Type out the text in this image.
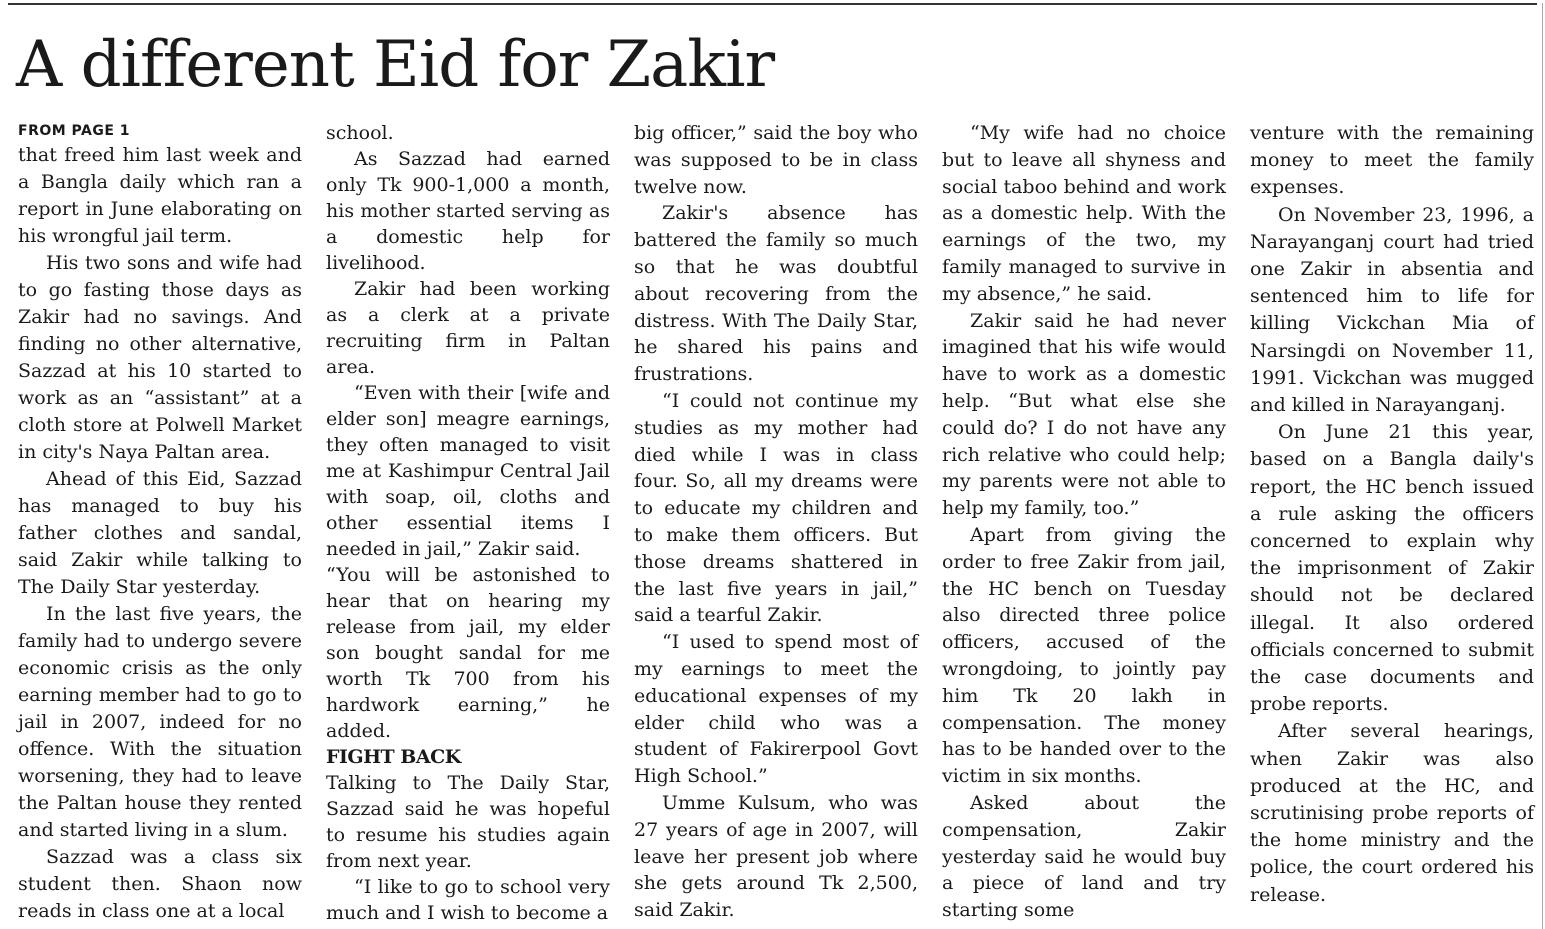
A different Eid for Zakir
FROM PAGE 1

that freed him last week and a Bangla daily which ran a report in June elaborating on his wrongful jail term.

His two sons and wife had to go fasting those days as Zakir had no savings. And finding no other alternative, Sazzad at his 10 started to work as an “assistant” at a cloth store at Polwell Market in city's Naya Paltan area.

Ahead of this Eid, Sazzad has managed to buy his father clothes and sandal, said Zakir while talking to The Daily Star yesterday.

In the last five years, the family had to undergo severe economic crisis as the only earning member had to go to jail in 2007, indeed for no offence. With the situation worsening, they had to leave the Paltan house they rented and started living in a slum.

Sazzad was a class six student then. Shaon now reads in class one at a local

school.

As Sazzad had earned only Tk 900-1,000 a month, his mother started serving as a domestic help for livelihood.

Zakir had been working as a clerk at a private recruiting firm in Paltan area.

“Even with their [wife and elder son] meagre earnings, they often managed to visit me at Kashimpur Central Jail with soap, oil, cloths and other essential items I needed in jail,” Zakir said.

“You will be astonished to hear that on hearing my release from jail, my elder son bought sandal for me worth Tk 700 from his hardwork earning,” he added.

FIGHT BACK

Talking to The Daily Star, Sazzad said he was hopeful to resume his studies again from next year.

“I like to go to school very much and I wish to become a

big officer,” said the boy who was supposed to be in class twelve now.

Zakir's absence has battered the family so much so that he was doubtful about recovering from the distress. With The Daily Star, he shared his pains and frustrations.

“I could not continue my studies as my mother had died while I was in class four. So, all my dreams were to educate my children and to make them officers. But those dreams shattered in the last five years in jail,” said a tearful Zakir.

“I used to spend most of my earnings to meet the educational expenses of my elder child who was a student of Fakirerpool Govt High School.”

Umme Kulsum, who was 27 years of age in 2007, will leave her present job where she gets around Tk 2,500, said Zakir.

“My wife had no choice but to leave all shyness and social taboo behind and work as a domestic help. With the earnings of the two, my family managed to survive in my absence,” he said.

Zakir said he had never imagined that his wife would have to work as a domestic help. “But what else she could do? I do not have any rich relative who could help; my parents were not able to help my family, too.”

Apart from giving the order to free Zakir from jail, the HC bench on Tuesday also directed three police officers, accused of the wrongdoing, to jointly pay him Tk 20 lakh in compensation. The money has to be handed over to the victim in six months.

Asked about the compensation, Zakir yesterday said he would buy a piece of land and try starting some

venture with the remaining money to meet the family expenses.

On November 23, 1996, a Narayanganj court had tried one Zakir in absentia and sentenced him to life for killing Vickchan Mia of Narsingdi on November 11, 1991. Vickchan was mugged and killed in Narayanganj.

On June 21 this year, based on a Bangla daily's report, the HC bench issued a rule asking the officers concerned to explain why the imprisonment of Zakir should not be declared illegal. It also ordered officials concerned to submit the case documents and probe reports.

After several hearings, when Zakir was also produced at the HC, and scrutinising probe reports of the home ministry and the police, the court ordered his release.
